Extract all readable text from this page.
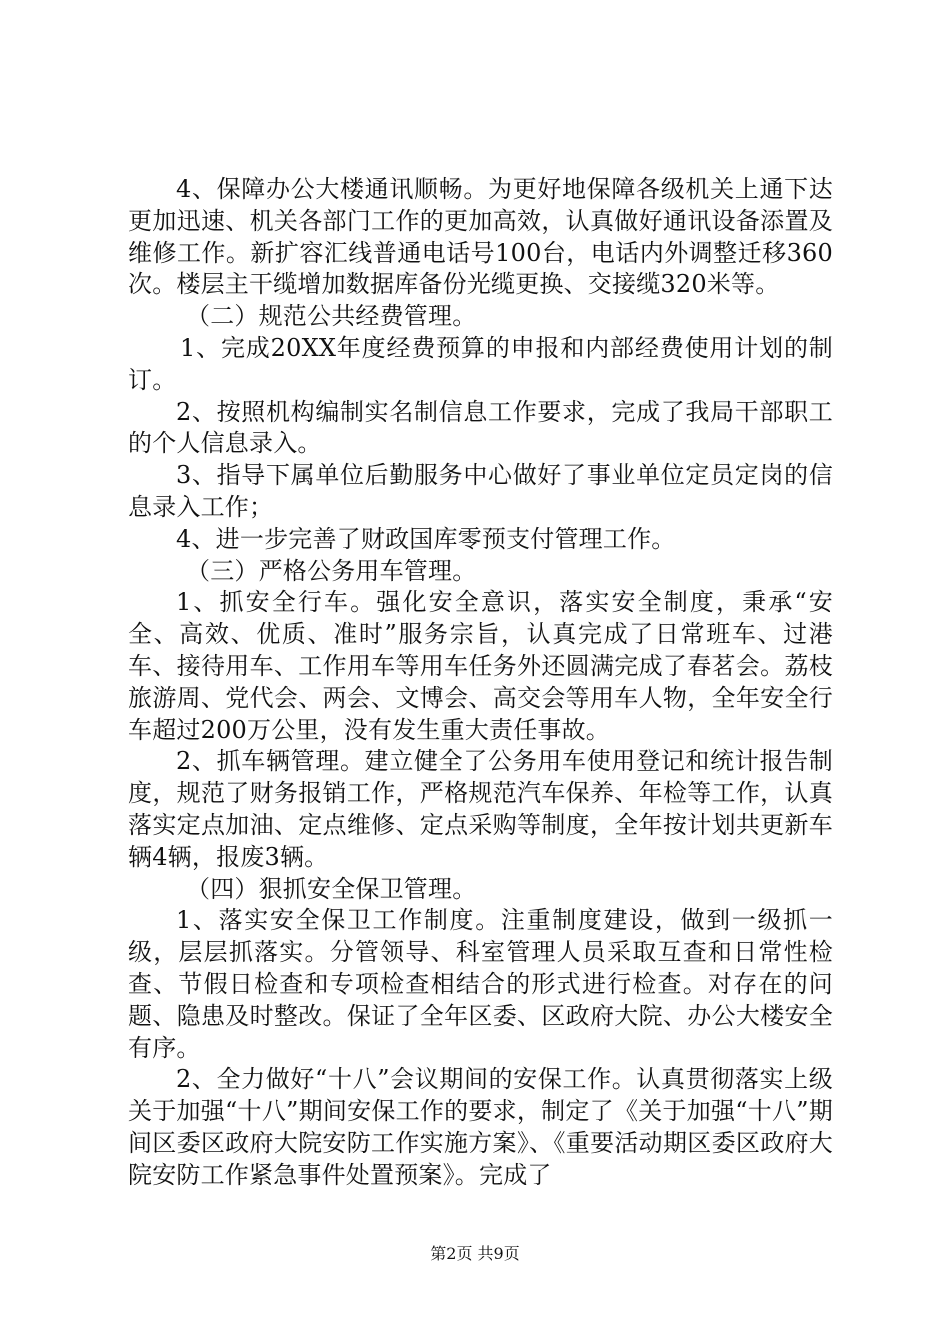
4、保障办公大楼通讯顺畅。为更好地保障各级机关上通下达更加迅速、机关各部门工作的更加高效，认真做好通讯设备添置及维修工作。新扩容汇线普通电话号100台，电话内外调整迁移360次。楼层主干缆增加数据库备份光缆更换、交接缆320米等。

（二）规范公共经费管理。

1、完成20XX年度经费预算的申报和内部经费使用计划的制订。

2、按照机构编制实名制信息工作要求，完成了我局干部职工的个人信息录入。

3、指导下属单位后勤服务中心做好了事业单位定员定岗的信息录入工作；

4、进一步完善了财政国库零预支付管理工作。

（三）严格公务用车管理。

1、抓安全行车。强化安全意识，落实安全制度，秉承“安全、高效、优质、准时”服务宗旨，认真完成了日常班车、过港车、接待用车、工作用车等用车任务外还圆满完成了春茗会。荔枝旅游周、党代会、两会、文博会、高交会等用车人物，全年安全行车超过200万公里，没有发生重大责任事故。

2、抓车辆管理。建立健全了公务用车使用登记和统计报告制度，规范了财务报销工作，严格规范汽车保养、年检等工作，认真落实定点加油、定点维修、定点采购等制度，全年按计划共更新车辆4辆，报废3辆。

（四）狠抓安全保卫管理。

1、落实安全保卫工作制度。注重制度建设，做到一级抓一级，层层抓落实。分管领导、科室管理人员采取互查和日常性检查、节假日检查和专项检查相结合的形式进行检查。对存在的问题、隐患及时整改。保证了全年区委、区政府大院、办公大楼安全有序。

2、全力做好“十八”会议期间的安保工作。认真贯彻落实上级关于加强“十八”期间安保工作的要求，制定了《关于加强“十八”期间区委区政府大院安防工作实施方案》、《重要活动期区委区政府大院安防工作紧急事件处置预案》。完成了

第2页 共9页
